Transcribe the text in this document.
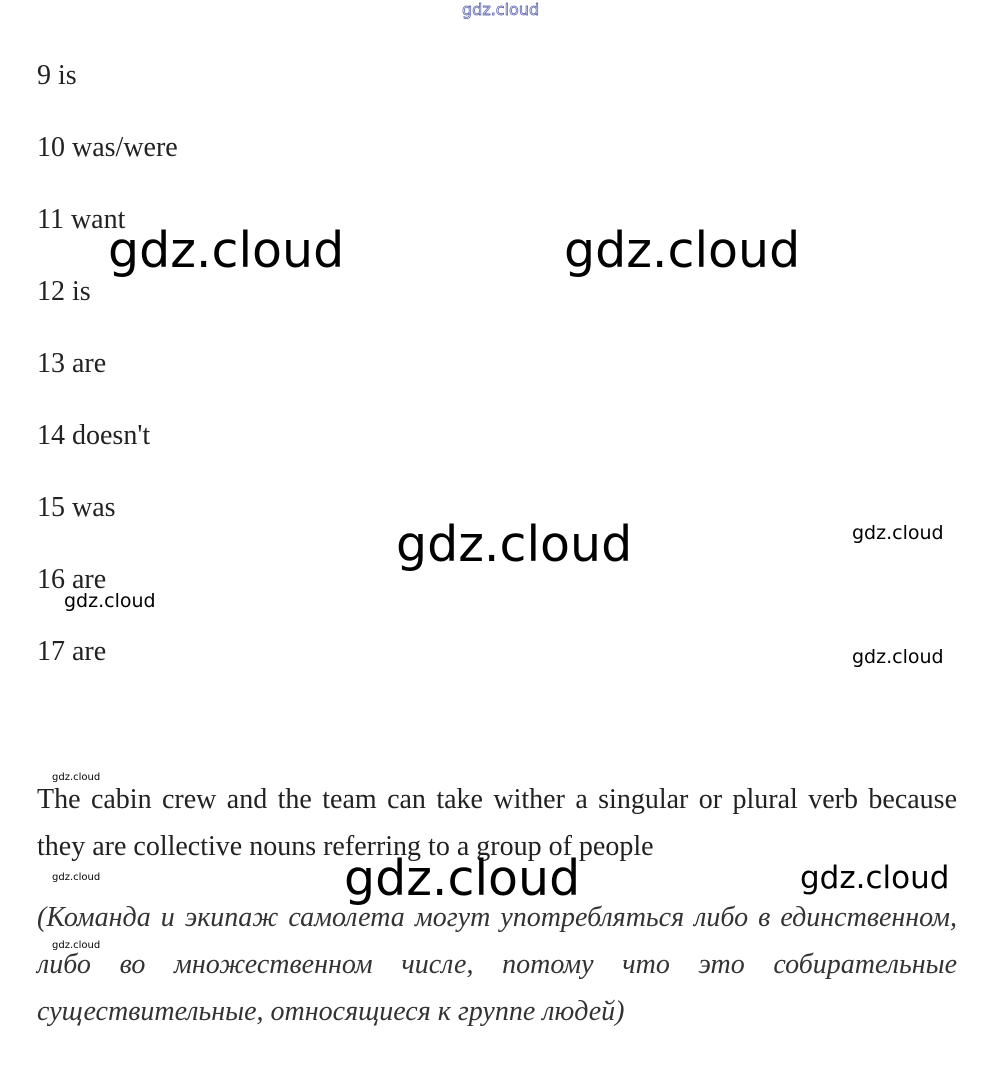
gdz.cloud
9 is
10 was/were
11 want
12 is
13 are
14 doesn't
15 was
16 are
17 are
The cabin crew and the team can take wither a singular or plural verb because they are collective nouns referring to a group of people
(Команда и экипаж самолета могут употребляться либо в единственном, либо во множественном числе, потому что это собирательные существительные, относящиеся к группе людей)
gdz.cloud	gdz.cloud
gdz.cloud
gdz.cloud	gdz.cloud
gdz.cloud
gdz.cloud
gdz.cloud
gdz.cloud
gdz.cloud
gdz.cloud
